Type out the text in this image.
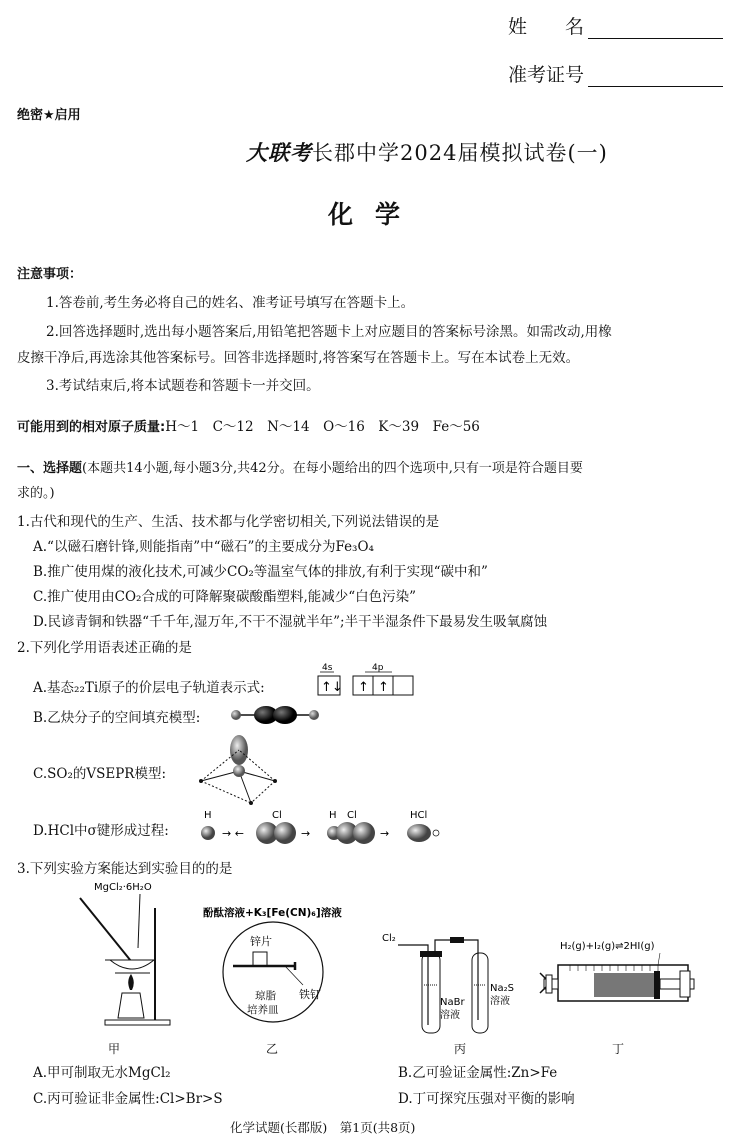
姓　　名
准考证号
绝密★启用
大联考长郡中学2024届模拟试卷(一)
化学
注意事项：
1.答卷前,考生务必将自己的姓名、准考证号填写在答题卡上。
2.回答选择题时,选出每小题答案后,用铅笔把答题卡上对应题目的答案标号涂黑。如需改动,用橡
皮擦干净后,再选涂其他答案标号。回答非选择题时,将答案写在答题卡上。写在本试卷上无效。
3.考试结束后,将本试题卷和答题卡一并交回。
可能用到的相对原子质量:H～1　C～12　N～14　O～16　K～39　Fe～56
一、选择题(本题共14小题,每小题3分,共42分。在每小题给出的四个选项中,只有一项是符合题目要
求的。)
1.古代和现代的生产、生活、技术都与化学密切相关,下列说法错误的是
A.“以磁石磨针锋,则能指南”中“磁石”的主要成分为Fe₃O₄
B.推广使用煤的液化技术,可减少CO₂等温室气体的排放,有利于实现“碳中和”
C.推广使用由CO₂合成的可降解聚碳酸酯塑料,能减少“白色污染”
D.民谚青铜和铁器“千千年,湿万年,不干不湿就半年”;半干半湿条件下最易发生吸氧腐蚀
2.下列化学用语表述正确的是
A.基态₂₂Ti原子的价层电子轨道表示式:
4s	4p
↑↓ ↑ ↑
B.乙炔分子的空间填充模型:
C.SO₂的VSEPR模型:
D.HCl中σ键形成过程:
H
→ ←
Cl
→
H Cl
→
HCl
3.下列实验方案能达到实验目的的是
MgCl₂·6H₂O
酚酞溶液+K₃[Fe(CN)₆]溶液
锌片
铁钉
琼脂
培养皿
Cl₂
NaBr
溶液
Na₂S
溶液
H₂(g)+I₂(g)⇌2HI(g)
甲	乙	丙	丁
A.甲可制取无水MgCl₂	B.乙可验证金属性:Zn>Fe
C.丙可验证非金属性:Cl>Br>S	D.丁可探究压强对平衡的影响
化学试题(长郡版)　第1页(共8页)
